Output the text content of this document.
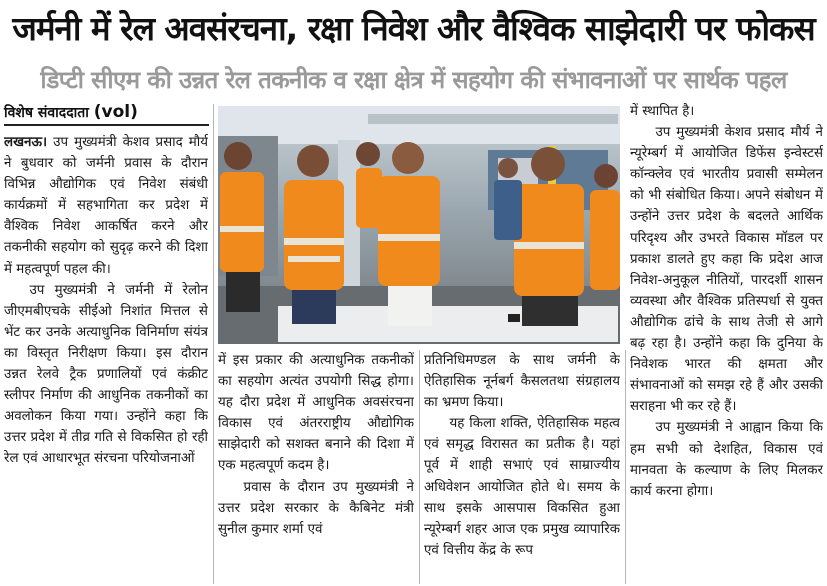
जर्मनी में रेल अवसंरचना, रक्षा निवेश और वैश्विक साझेदारी पर फोकस
डिप्टी सीएम की उन्नत रेल तकनीक व रक्षा क्षेत्र में सहयोग की संभावनाओं पर सार्थक पहल
विशेष संवाददाता (vol)

लखनऊ। उप मुख्यमंत्री केशव प्रसाद मौर्य ने बुधवार को जर्मनी प्रवास के दौरान विभिन्न औद्योगिक एवं निवेश संबंधी कार्यक्रमों में सहभागिता कर प्रदेश में वैश्विक निवेश आकर्षित करने और तकनीकी सहयोग को सुदृढ़ करने की दिशा में महत्वपूर्ण पहल की।

उप मुख्यमंत्री ने जर्मनी में रेलोन जीएमबीएचके सीईओ निशांत मित्तल से भेंट कर उनके अत्याधुनिक विनिर्माण संयंत्र का विस्तृत निरीक्षण किया। इस दौरान उन्नत रेलवे ट्रैक प्रणालियों एवं कंक्रीट स्लीपर निर्माण की आधुनिक तकनीकों का अवलोकन किया गया। उन्होंने कहा कि उत्तर प्रदेश में तीव्र गति से विकसित हो रही रेल एवं आधारभूत संरचना परियोजनाओं

में इस प्रकार की अत्याधुनिक तकनीकों का सहयोग अत्यंत उपयोगी सिद्ध होगा। यह दौरा प्रदेश में आधुनिक अवसंरचना विकास एवं अंतरराष्ट्रीय औद्योगिक साझेदारी को सशक्त बनाने की दिशा में एक महत्वपूर्ण कदम है।

प्रवास के दौरान उप मुख्यमंत्री ने उत्तर प्रदेश सरकार के कैबिनेट मंत्री सुनील कुमार शर्मा एवं

प्रतिनिधिमण्डल के साथ जर्मनी के ऐतिहासिक नूर्नबर्ग कैसलतथा संग्रहालय का भ्रमण किया।

यह किला शक्ति, ऐतिहासिक महत्व एवं समृद्ध विरासत का प्रतीक है। यहां पूर्व में शाही सभाएं एवं साम्राज्यीय अधिवेशन आयोजित होते थे। समय के साथ इसके आसपास विकसित हुआ न्यूरेम्बर्ग शहर आज एक प्रमुख व्यापारिक एवं वित्तीय केंद्र के रूप

में स्थापित है।

उप मुख्यमंत्री केशव प्रसाद मौर्य ने न्यूरेम्बर्ग में आयोजित डिफेंस इन्वेस्टर्स कॉन्क्लेव एवं भारतीय प्रवासी सम्मेलन को भी संबोधित किया। अपने संबोधन में उन्होंने उत्तर प्रदेश के बदलते आर्थिक परिदृश्य और उभरते विकास मॉडल पर प्रकाश डालते हुए कहा कि प्रदेश आज निवेश-अनुकूल नीतियों, पारदर्शी शासन व्यवस्था और वैश्विक प्रतिस्पर्धा से युक्त औद्योगिक ढांचे के साथ तेजी से आगे बढ़ रहा है। उन्होंने कहा कि दुनिया के निवेशक भारत की क्षमता और संभावनाओं को समझ रहे हैं और उसकी सराहना भी कर रहे हैं।

उप मुख्यमंत्री ने आह्वान किया कि हम सभी को देशहित, विकास एवं मानवता के कल्याण के लिए मिलकर कार्य करना होगा।
